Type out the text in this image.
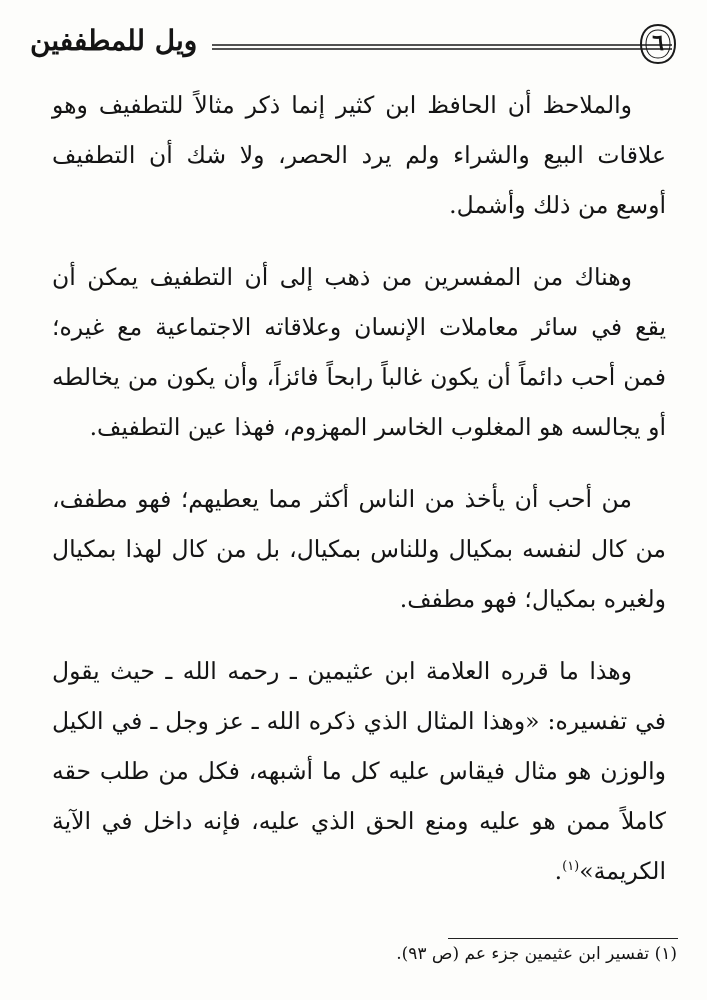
ويل للمطففين	٦

والملاحظ أن الحافظ ابن كثير إنما ذكر مثالاً للتطفيف وهو علاقات البيع والشراء ولم يرد الحصر، ولا شك أن التطفيف أوسع من ذلك وأشمل.

وهناك من المفسرين من ذهب إلى أن التطفيف يمكن أن يقع في سائر معاملات الإنسان وعلاقاته الاجتماعية مع غيره؛ فمن أحب دائماً أن يكون غالباً رابحاً فائزاً، وأن يكون من يخالطه أو يجالسه هو المغلوب الخاسر المهزوم، فهذا عين التطفيف.

من أحب أن يأخذ من الناس أكثر مما يعطيهم؛ فهو مطفف، من كال لنفسه بمكيال وللناس بمكيال، بل من كال لهذا بمكيال ولغيره بمكيال؛ فهو مطفف.

وهذا ما قرره العلامة ابن عثيمين ـ رحمه الله ـ حيث يقول في تفسيره: «وهذا المثال الذي ذكره الله ـ عز وجل ـ في الكيل والوزن هو مثال فيقاس عليه كل ما أشبهه، فكل من طلب حقه كاملاً ممن هو عليه ومنع الحق الذي عليه، فإنه داخل في الآية الكريمة»$^{(١)}$.

(١) تفسير ابن عثيمين جزء عم (ص ٩٣).
